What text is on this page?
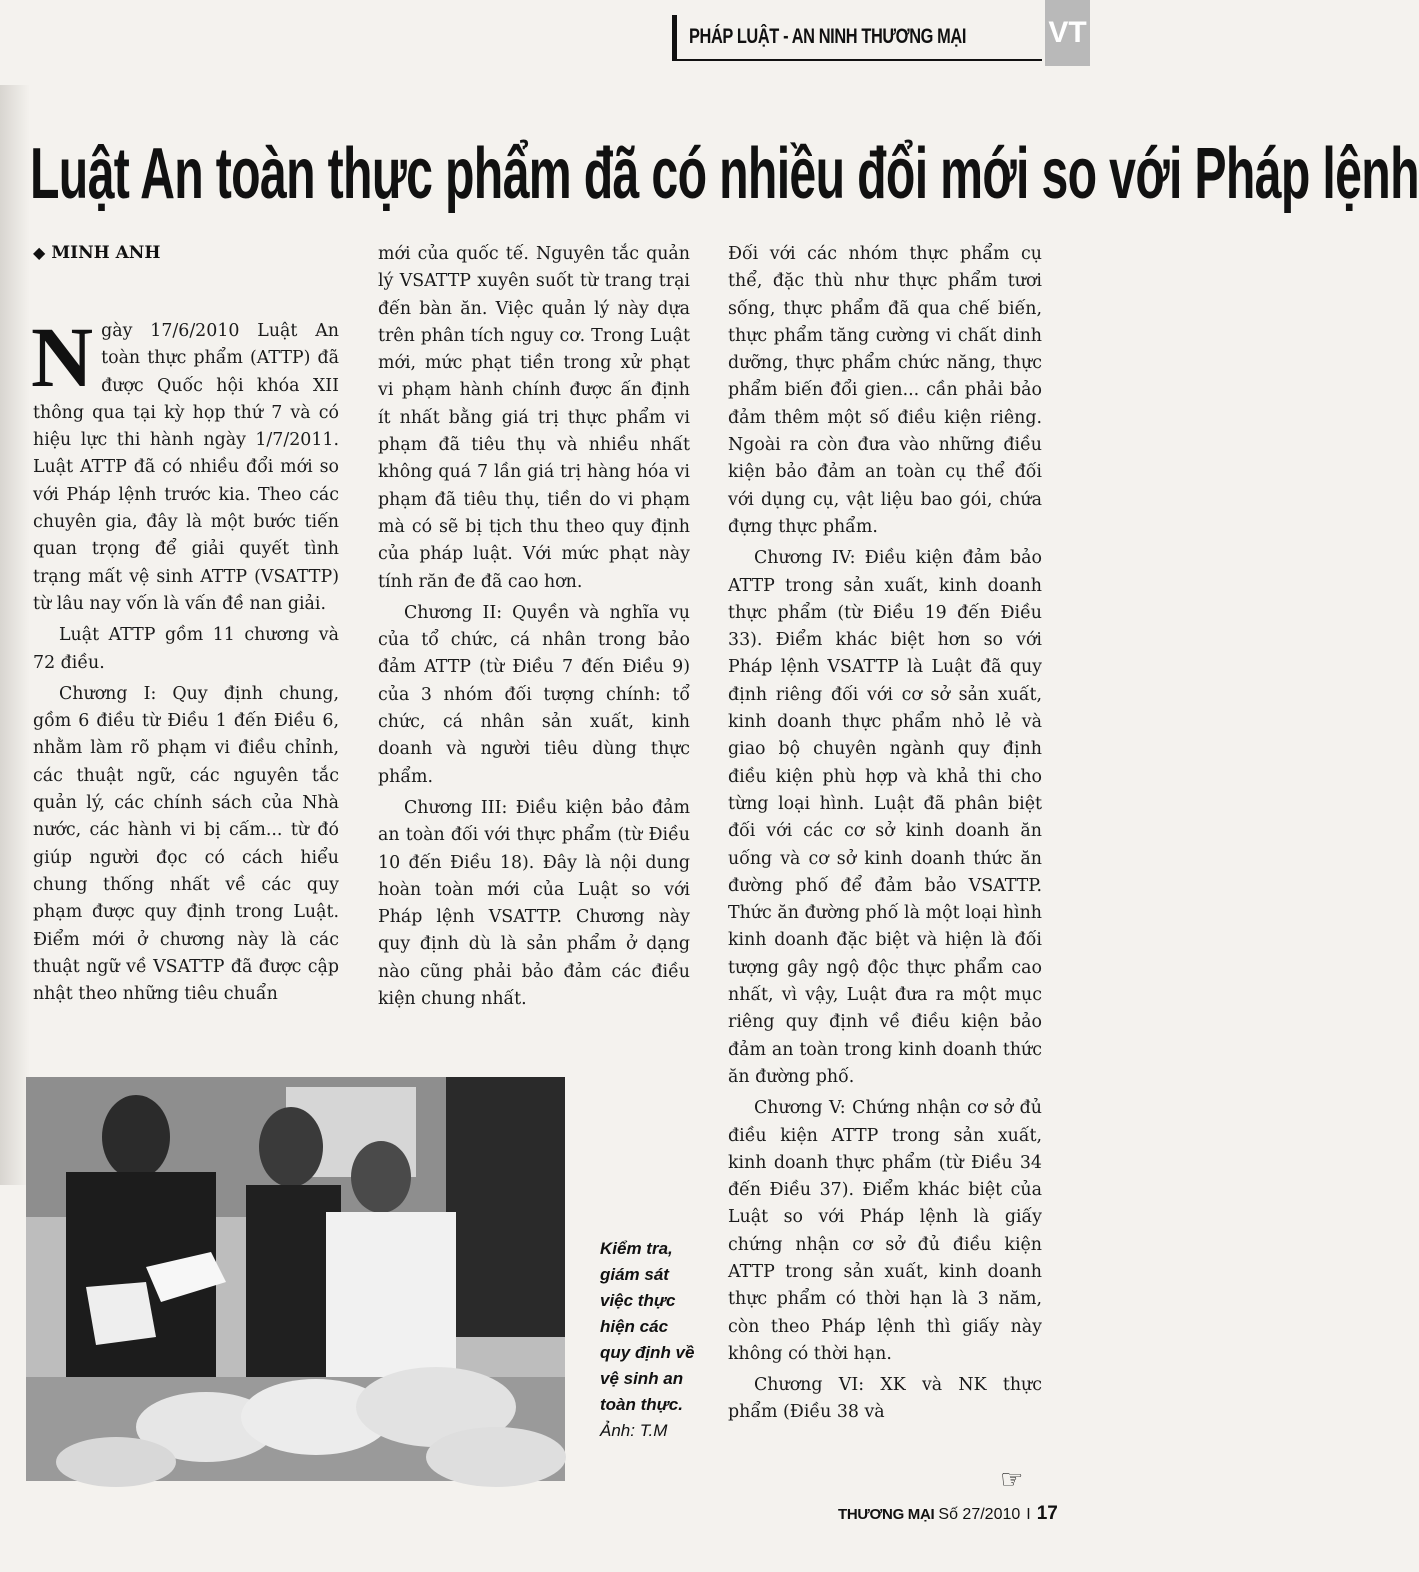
PHÁP LUẬT - AN NINH THƯƠNG MẠI	VT
Luật An toàn thực phẩm đã có nhiều đổi mới so với Pháp lệnh
◆ MINH ANH

Ngày 17/6/2010 Luật An toàn thực phẩm (ATTP) đã được Quốc hội khóa XII thông qua tại kỳ họp thứ 7 và có hiệu lực thi hành ngày 1/7/2011. Luật ATTP đã có nhiều đổi mới so với Pháp lệnh trước kia. Theo các chuyên gia, đây là một bước tiến quan trọng để giải quyết tình trạng mất vệ sinh ATTP (VSATTP) từ lâu nay vốn là vấn đề nan giải.

Luật ATTP gồm 11 chương và 72 điều.

Chương I: Quy định chung, gồm 6 điều từ Điều 1 đến Điều 6, nhằm làm rõ phạm vi điều chỉnh, các thuật ngữ, các nguyên tắc quản lý, các chính sách của Nhà nước, các hành vi bị cấm... từ đó giúp người đọc có cách hiểu chung thống nhất về các quy phạm được quy định trong Luật. Điểm mới ở chương này là các thuật ngữ về VSATTP đã được cập nhật theo những tiêu chuẩn

mới của quốc tế. Nguyên tắc quản lý VSATTP xuyên suốt từ trang trại đến bàn ăn. Việc quản lý này dựa trên phân tích nguy cơ. Trong Luật mới, mức phạt tiền trong xử phạt vi phạm hành chính được ấn định ít nhất bằng giá trị thực phẩm vi phạm đã tiêu thụ và nhiều nhất không quá 7 lần giá trị hàng hóa vi phạm đã tiêu thụ, tiền do vi phạm mà có sẽ bị tịch thu theo quy định của pháp luật. Với mức phạt này tính răn đe đã cao hơn.

Chương II: Quyền và nghĩa vụ của tổ chức, cá nhân trong bảo đảm ATTP (từ Điều 7 đến Điều 9) của 3 nhóm đối tượng chính: tổ chức, cá nhân sản xuất, kinh doanh và người tiêu dùng thực phẩm.

Chương III: Điều kiện bảo đảm an toàn đối với thực phẩm (từ Điều 10 đến Điều 18). Đây là nội dung hoàn toàn mới của Luật so với Pháp lệnh VSATTP. Chương này quy định dù là sản phẩm ở dạng nào cũng phải bảo đảm các điều kiện chung nhất.

Đối với các nhóm thực phẩm cụ thể, đặc thù như thực phẩm tươi sống, thực phẩm đã qua chế biến, thực phẩm tăng cường vi chất dinh dưỡng, thực phẩm chức năng, thực phẩm biến đổi gien... cần phải bảo đảm thêm một số điều kiện riêng. Ngoài ra còn đưa vào những điều kiện bảo đảm an toàn cụ thể đối với dụng cụ, vật liệu bao gói, chứa đựng thực phẩm.

Chương IV: Điều kiện đảm bảo ATTP trong sản xuất, kinh doanh thực phẩm (từ Điều 19 đến Điều 33). Điểm khác biệt hơn so với Pháp lệnh VSATTP là Luật đã quy định riêng đối với cơ sở sản xuất, kinh doanh thực phẩm nhỏ lẻ và giao bộ chuyên ngành quy định điều kiện phù hợp và khả thi cho từng loại hình. Luật đã phân biệt đối với các cơ sở kinh doanh ăn uống và cơ sở kinh doanh thức ăn đường phố để đảm bảo VSATTP. Thức ăn đường phố là một loại hình kinh doanh đặc biệt và hiện là đối tượng gây ngộ độc thực phẩm cao nhất, vì vậy, Luật đưa ra một mục riêng quy định về điều kiện bảo đảm an toàn trong kinh doanh thức ăn đường phố.

Chương V: Chứng nhận cơ sở đủ điều kiện ATTP trong sản xuất, kinh doanh thực phẩm (từ Điều 34 đến Điều 37). Điểm khác biệt của Luật so với Pháp lệnh là giấy chứng nhận cơ sở đủ điều kiện ATTP trong sản xuất, kinh doanh thực phẩm có thời hạn là 3 năm, còn theo Pháp lệnh thì giấy này không có thời hạn.

Chương VI: XK và NK thực phẩm (Điều 38 và

Kiểm tra, giám sát việc thực hiện các quy định về vệ sinh an toàn thực.
Ảnh: T.M
☞
THƯƠNG MẠI Số 27/2010 I 17
